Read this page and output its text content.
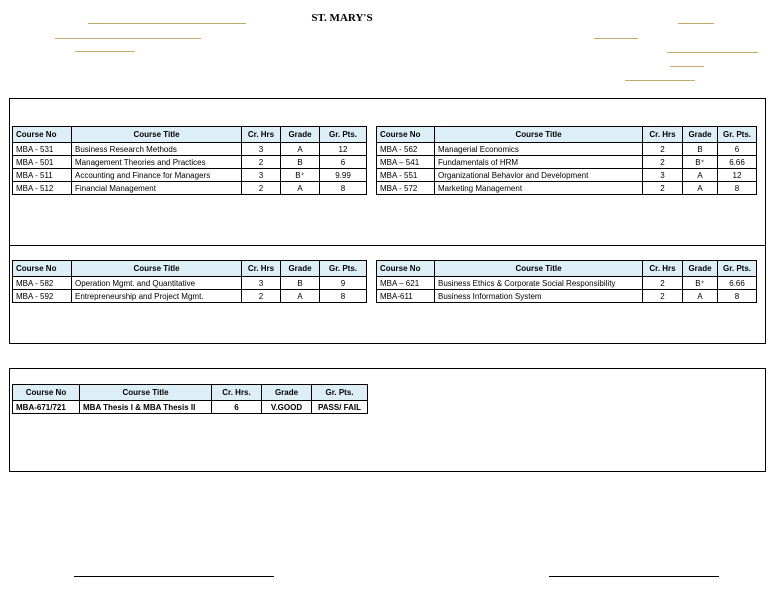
ST. MARY'S
Course No	Course Title	Cr. Hrs	Grade	Gr. Pts.
MBA - 531	Business Research Methods	3	A	12
MBA - 501	Management Theories and Practices	2	B	6
MBA - 511	Accounting and Finance for Managers	3	B⁺	9.99
MBA - 512	Financial Management	2	A	8
Course No	Course Title	Cr. Hrs	Grade	Gr. Pts.
MBA - 562	Managerial Economics	2	B	6
MBA – 541	Fundamentals of HRM	2	B⁺	6.66
MBA - 551	Organizational Behavior and Development	3	A	12
MBA - 572	Marketing Management	2	A	8
Course No	Course Title	Cr. Hrs	Grade	Gr. Pts.
MBA - 582	Operation Mgmt. and Quantitative	3	B	9
MBA - 592	Entrepreneurship and Project Mgmt.	2	A	8
Course No	Course Title	Cr. Hrs	Grade	Gr. Pts.
MBA – 621	Business Ethics & Corporate Social Responsibility	2	B⁺	6.66
MBA-611	Business Information System	2	A	8
Course No	Course Title	Cr. Hrs.	Grade	Gr. Pts.
MBA-671/721	MBA Thesis I & MBA Thesis II	6	V.GOOD	PASS/ FAIL
